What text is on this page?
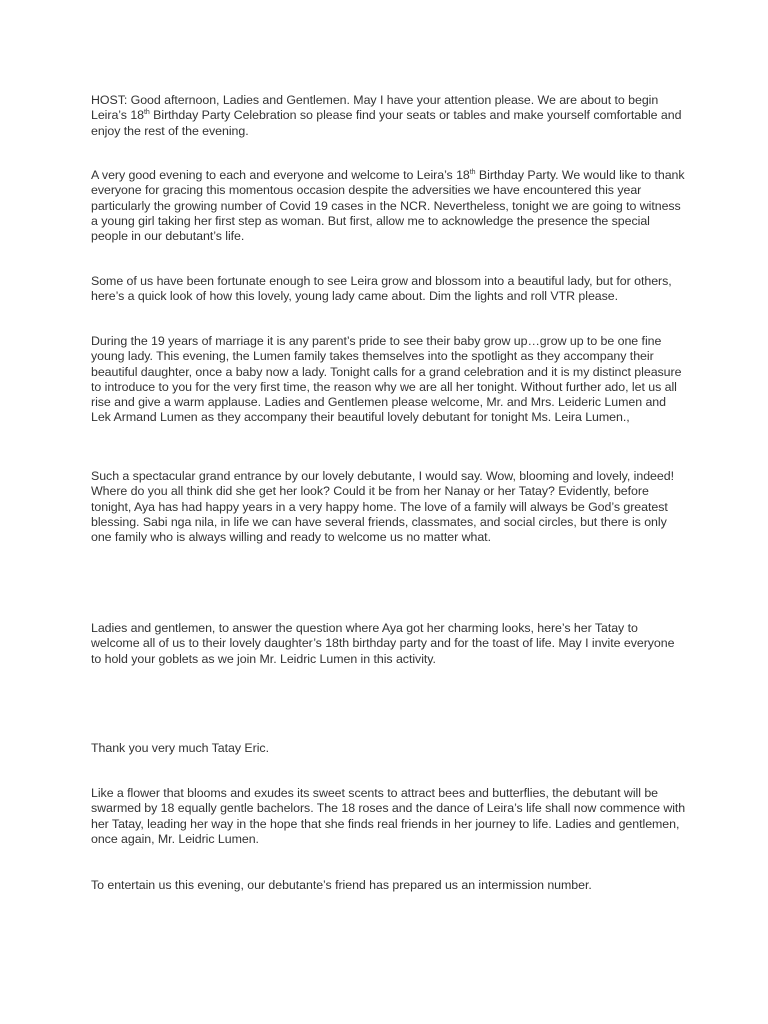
HOST: Good afternoon, Ladies and Gentlemen. May I have your attention please. We are about to begin Leira’s 18th Birthday Party Celebration so please find your seats or tables and make yourself comfortable and enjoy the rest of the evening.

A very good evening to each and everyone and welcome to Leira’s 18th Birthday Party. We would like to thank everyone for gracing this momentous occasion despite the adversities we have encountered this year particularly the growing number of Covid 19 cases in the NCR. Nevertheless, tonight we are going to witness a young girl taking her first step as woman. But first, allow me to acknowledge the presence the special people in our debutant’s life.

Some of us have been fortunate enough to see Leira grow and blossom into a beautiful lady, but for others, here’s a quick look of how this lovely, young lady came about. Dim the lights and roll VTR please.

During the 19 years of marriage it is any parent’s pride to see their baby grow up…grow up to be one fine young lady. This evening, the Lumen family takes themselves into the spotlight as they accompany their beautiful daughter, once a baby now a lady. Tonight calls for a grand celebration and it is my distinct pleasure to introduce to you for the very first time, the reason why we are all her tonight. Without further ado, let us all rise and give a warm applause. Ladies and Gentlemen please welcome, Mr. and Mrs. Leideric Lumen and Lek Armand Lumen as they accompany their beautiful lovely debutant for tonight Ms. Leira Lumen.,

Such a spectacular grand entrance by our lovely debutante, I would say. Wow, blooming and lovely, indeed! Where do you all think did she get her look? Could it be from her Nanay or her Tatay? Evidently, before tonight, Aya has had happy years in a very happy home. The love of a family will always be God’s greatest blessing. Sabi nga nila, in life we can have several friends, classmates, and social circles, but there is only one family who is always willing and ready to welcome us no matter what.

Ladies and gentlemen, to answer the question where Aya got her charming looks, here’s her Tatay to welcome all of us to their lovely daughter’s 18th birthday party and for the toast of life. May I invite everyone to hold your goblets as we join Mr. Leidric Lumen in this activity.

Thank you very much Tatay Eric.

Like a flower that blooms and exudes its sweet scents to attract bees and butterflies, the debutant will be swarmed by 18 equally gentle bachelors. The 18 roses and the dance of Leira’s life shall now commence with her Tatay, leading her way in the hope that she finds real friends in her journey to life. Ladies and gentlemen, once again, Mr. Leidric Lumen.

To entertain us this evening, our debutante’s friend has prepared us an intermission number.
